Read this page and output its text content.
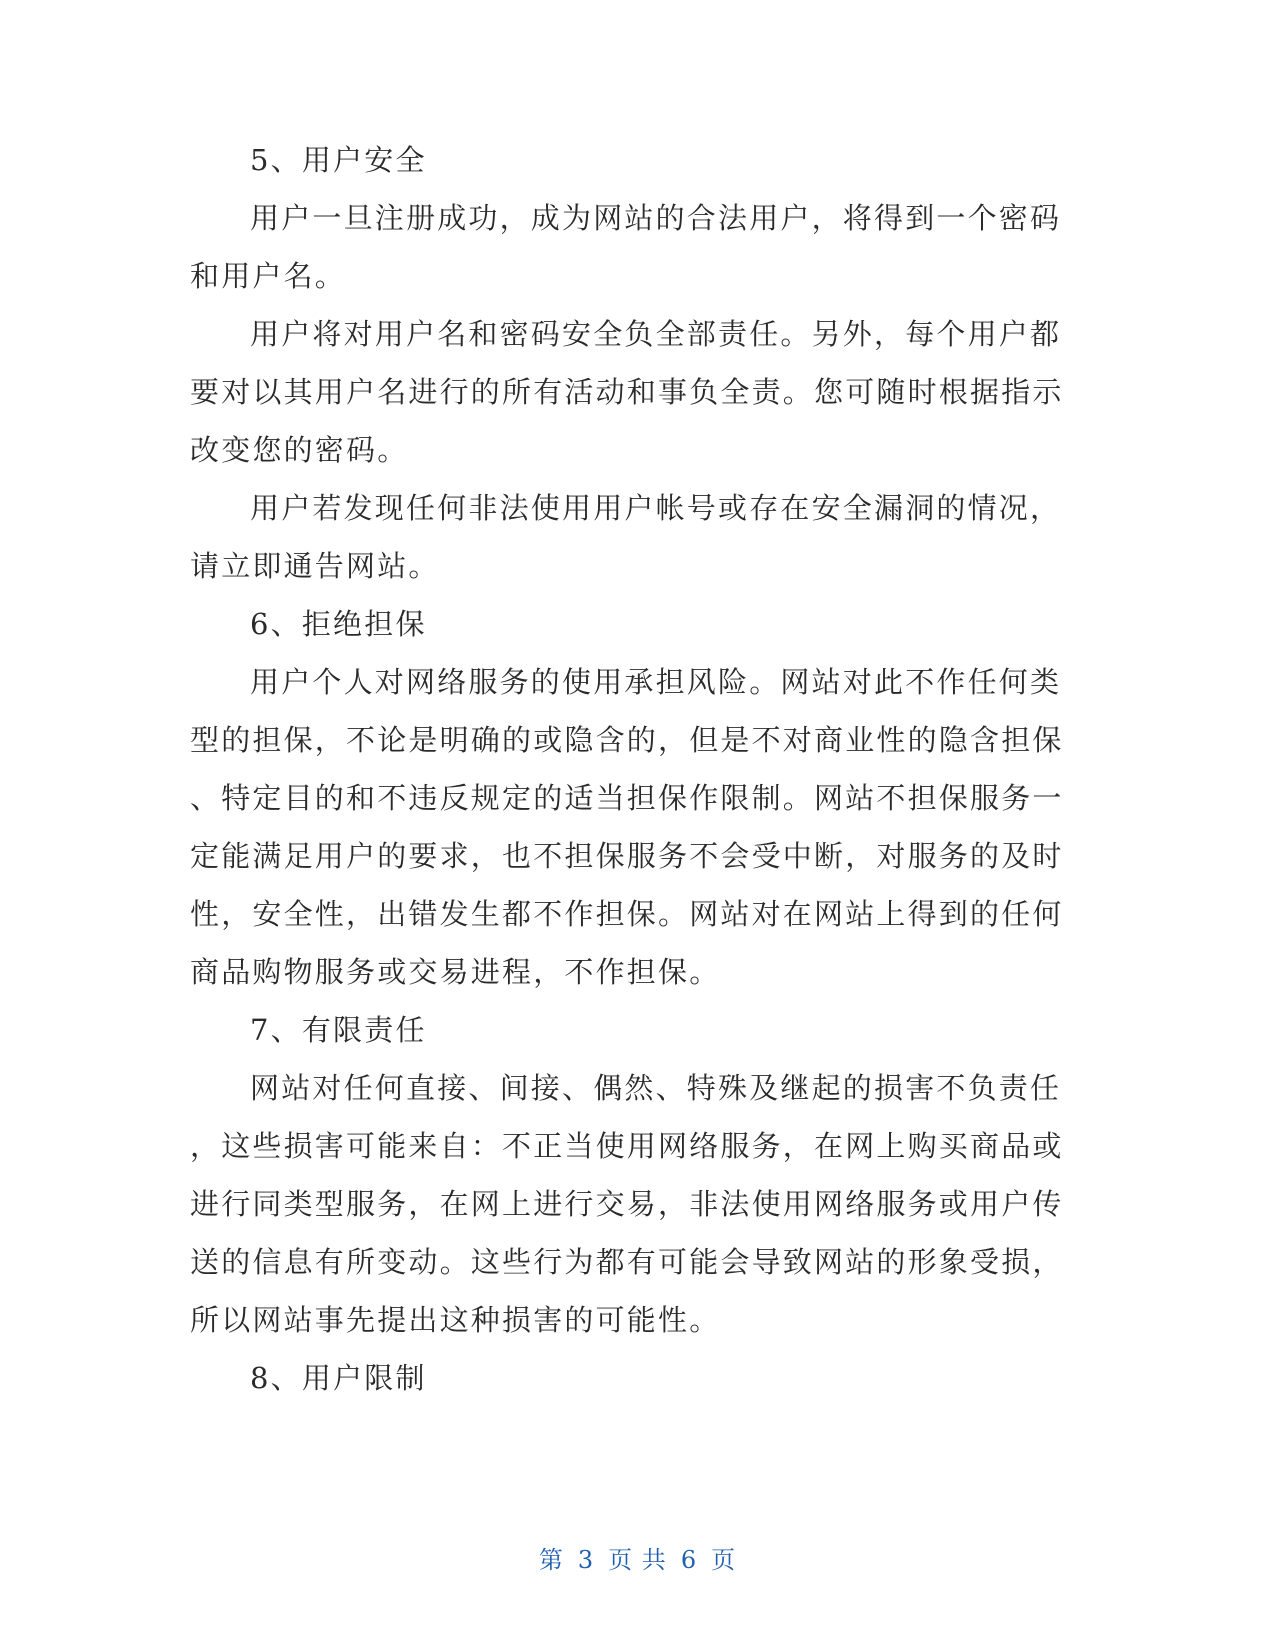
5、用户安全
用户一旦注册成功，成为网站的合法用户，将得到一个密码
和用户名。
用户将对用户名和密码安全负全部责任。另外，每个用户都
要对以其用户名进行的所有活动和事负全责。您可随时根据指示
改变您的密码。
用户若发现任何非法使用用户帐号或存在安全漏洞的情况，
请立即通告网站。
6、拒绝担保
用户个人对网络服务的使用承担风险。网站对此不作任何类
型的担保，不论是明确的或隐含的，但是不对商业性的隐含担保
、特定目的和不违反规定的适当担保作限制。网站不担保服务一
定能满足用户的要求，也不担保服务不会受中断，对服务的及时
性，安全性，出错发生都不作担保。网站对在网站上得到的任何
商品购物服务或交易进程，不作担保。
7、有限责任
网站对任何直接、间接、偶然、特殊及继起的损害不负责任
，这些损害可能来自：不正当使用网络服务，在网上购买商品或
进行同类型服务，在网上进行交易，非法使用网络服务或用户传
送的信息有所变动。这些行为都有可能会导致网站的形象受损，
所以网站事先提出这种损害的可能性。
8、用户限制
第 3 页 共 6 页
